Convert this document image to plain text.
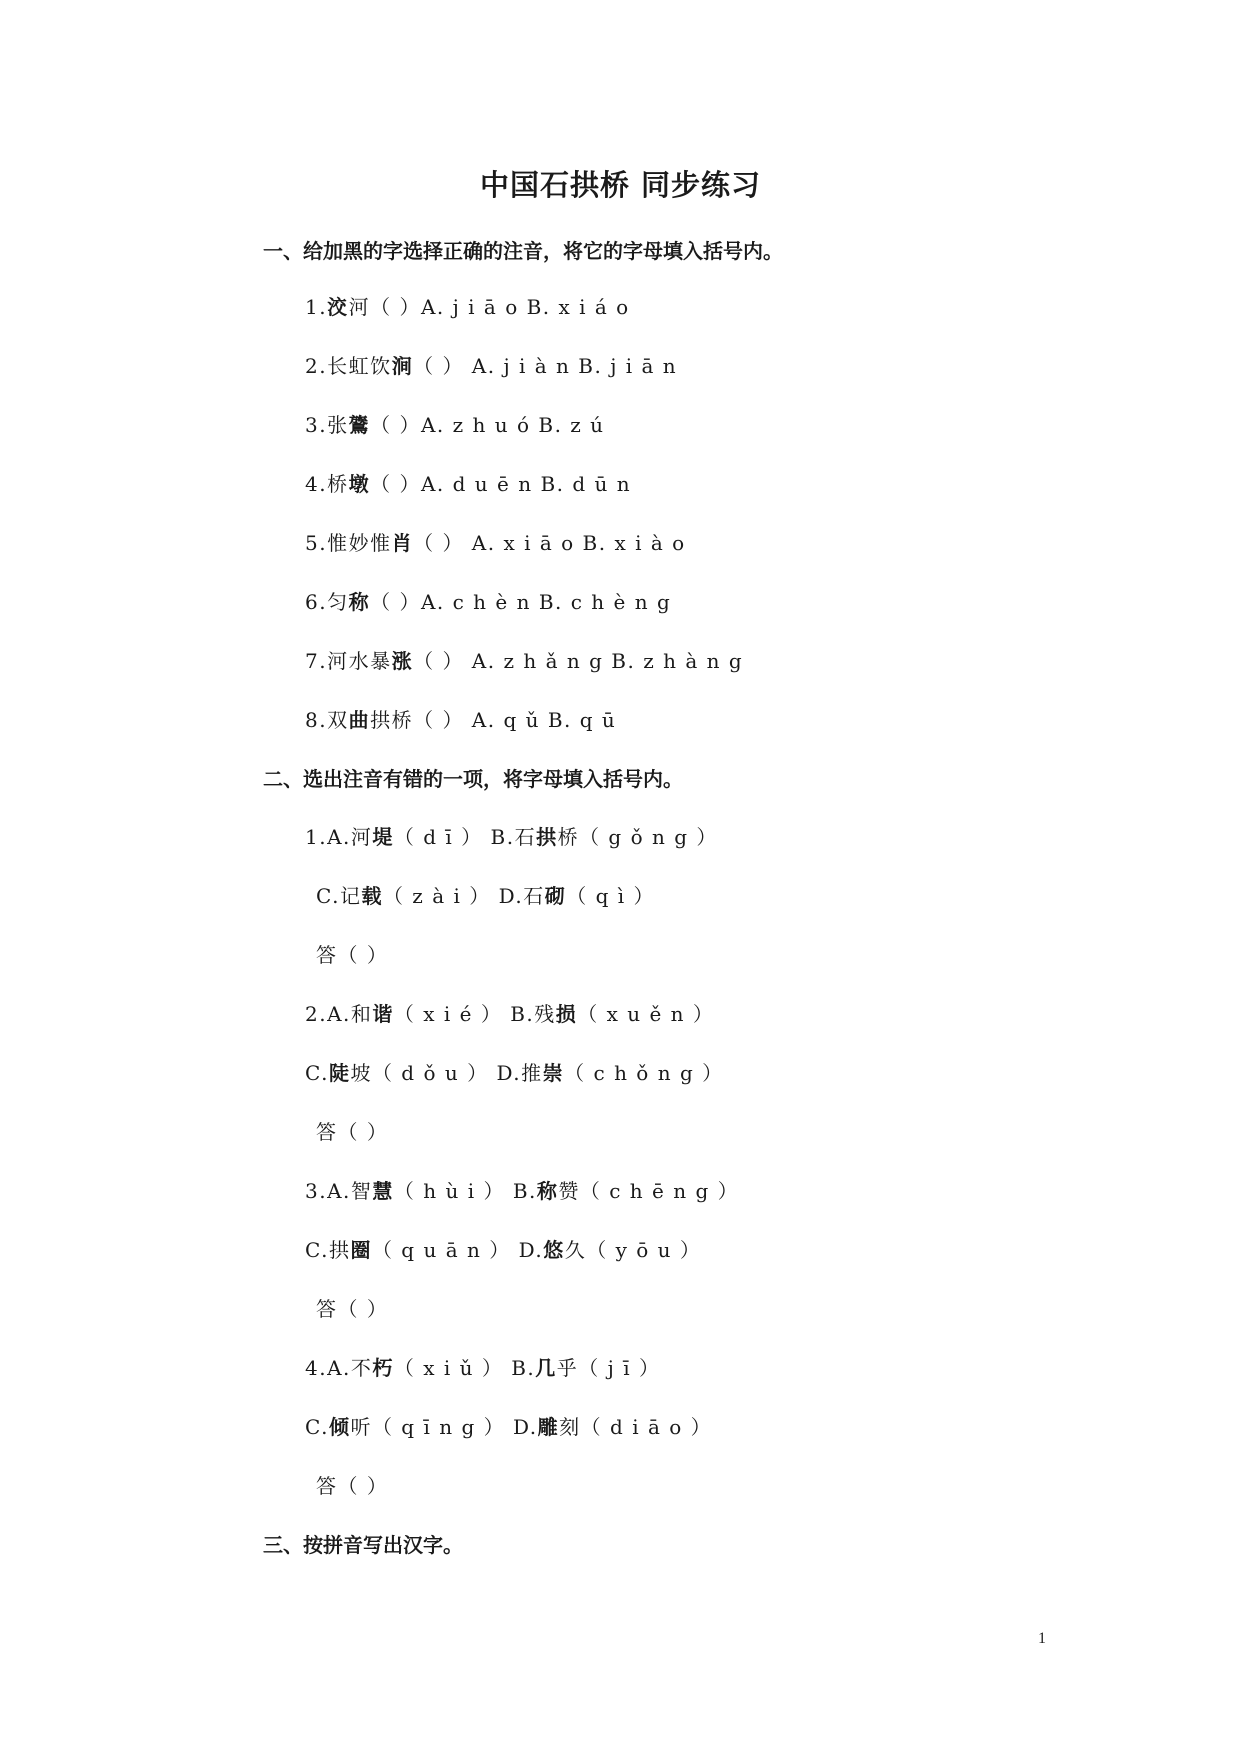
中国石拱桥 同步练习
一、给加黑的字选择正确的注音，将它的字母填入括号内。
1.洨河（ ）A. j i ā o B. x i á o
2.长虹饮涧（ ） A. j i à n B. j i ā n
3.张鷟（ ）A. z h u ó B. z ú
4.桥墩（ ）A. d u ē n B. d ū n
5.惟妙惟肖（ ） A. x i ā o B. x i à o
6.匀称（ ）A. c h è n B. c h è n g
7.河水暴涨（ ） A. z h ǎ n g B. z h à n g
8.双曲拱桥（ ） A. q ǔ B. q ū
二、选出注音有错的一项，将字母填入括号内。
1.A.河堤（ d ī ） B.石拱桥（ g ǒ n g ）
C.记载（ z à i ） D.石砌（ q ì ）
答（ ）
2.A.和谐（ x i é ） B.残损（ x u ě n ）
C.陡坡（ d ǒ u ） D.推崇（ c h ǒ n g ）
答（ ）
3.A.智慧（ h ù i ） B.称赞（ c h ē n g ）
C.拱圈（ q u ā n ） D.悠久（ y ō u ）
答（ ）
4.A.不朽（ x i ǔ ） B.几乎（ j ī ）
C.倾听（ q ī n g ） D.雕刻（ d i ā o ）
答（ ）
三、按拼音写出汉字。
1
